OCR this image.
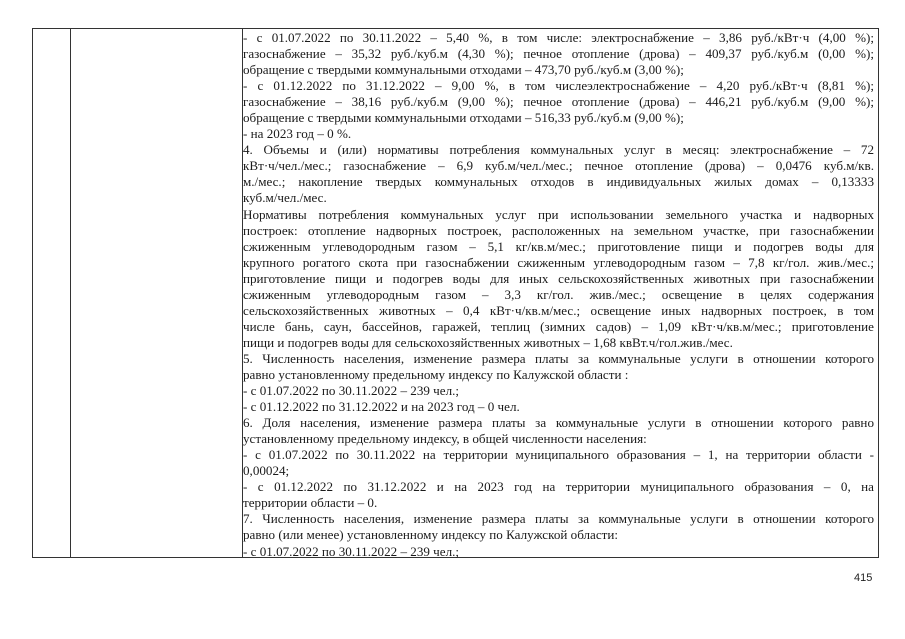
- с 01.07.2022 по 30.11.2022 – 5,40 %, в том числе: электроснабжение – 3,86 руб./кВт·ч (4,00 %);

газоснабжение – 35,32 руб./куб.м (4,30 %); печное отопление (дрова) – 409,37 руб./куб.м (0,00 %);

обращение с твердыми коммунальными отходами – 473,70 руб./куб.м (3,00 %);

- с 01.12.2022 по 31.12.2022 – 9,00 %, в том числеэлектроснабжение – 4,20 руб./кВт·ч (8,81 %);

газоснабжение – 38,16 руб./куб.м (9,00 %); печное отопление (дрова) – 446,21 руб./куб.м (9,00 %);

обращение с твердыми коммунальными отходами – 516,33 руб./куб.м (9,00 %);

- на 2023 год – 0 %.

4. Объемы и (или) нормативы потребления коммунальных услуг в месяц: электроснабжение – 72

кВт·ч/чел./мес.; газоснабжение – 6,9 куб.м/чел./мес.; печное отопление (дрова) – 0,0476 куб.м/кв.

м./мес.; накопление твердых коммунальных отходов в индивидуальных жилых домах – 0,13333

куб.м/чел./мес.

Нормативы потребления коммунальных услуг при использовании земельного участка и надворных

построек: отопление надворных построек, расположенных на земельном участке, при газоснабжении

сжиженным углеводородным газом – 5,1 кг/кв.м/мес.; приготовление пищи и подогрев воды для

крупного рогатого скота при газоснабжении сжиженным углеводородным газом – 7,8 кг/гол. жив./мес.;

приготовление пищи и подогрев воды для иных сельскохозяйственных животных при газоснабжении

сжиженным углеводородным газом – 3,3 кг/гол. жив./мес.; освещение в целях содержания

сельскохозяйственных животных – 0,4 кВт·ч/кв.м/мес.; освещение иных надворных построек, в том

числе бань, саун, бассейнов, гаражей, теплиц (зимних садов) – 1,09 кВт·ч/кв.м/мес.; приготовление

пищи и подогрев воды для сельскохозяйственных животных – 1,68 квВт.ч/гол.жив./мес.

5. Численность населения, изменение размера платы за коммунальные услуги в отношении которого

равно установленному предельному индексу по Калужской области :

- с 01.07.2022 по 30.11.2022 – 239 чел.;

- с 01.12.2022 по 31.12.2022 и на 2023 год – 0 чел.

6. Доля населения, изменение размера платы за коммунальные услуги в отношении которого равно

установленному предельному индексу, в общей численности населения:

- с 01.07.2022 по 30.11.2022 на территории муниципального образования – 1, на территории области -

0,00024;

- с 01.12.2022 по 31.12.2022 и на 2023 год на территории муниципального образования – 0, на

территории области – 0.

7. Численность населения, изменение размера платы за коммунальные услуги в отношении которого

равно (или менее) установленному индексу по Калужской области:

- с 01.07.2022 по 30.11.2022 – 239 чел.;

415
